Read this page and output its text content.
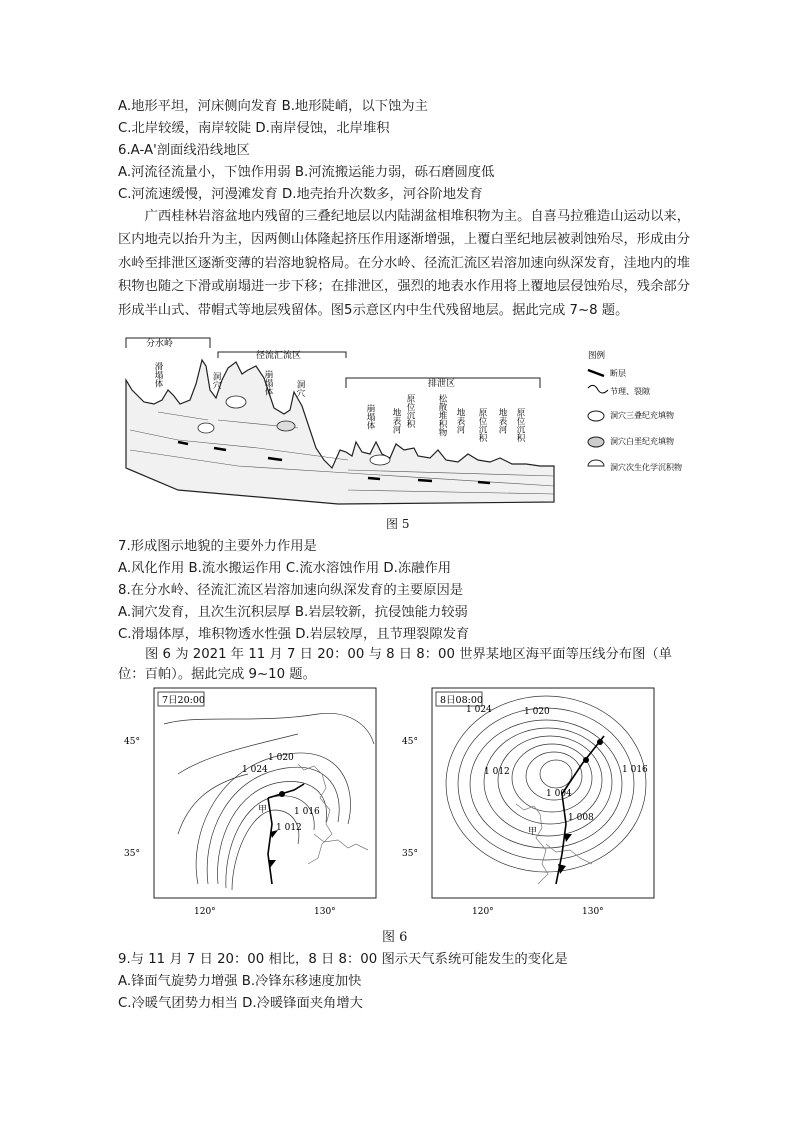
A.地形平坦，河床侧向发育 B.地形陡峭，以下蚀为主
C.北岸较缓，南岸较陡 D.南岸侵蚀，北岸堆积
6.A-A'剖面线沿线地区
A.河流径流量小，下蚀作用弱 B.河流搬运能力弱，砾石磨圆度低
C.河流速缓慢，河漫滩发育 D.地壳抬升次数多，河谷阶地发育
广西桂林岩溶盆地内残留的三叠纪地层以内陆湖盆相堆积物为主。自喜马拉雅造山运动以来，区内地壳以抬升为主，因两侧山体隆起挤压作用逐渐增强，上覆白垩纪地层被剥蚀殆尽，形成由分水岭至排泄区逐渐变薄的岩溶地貌格局。在分水岭、径流汇流区岩溶加速向纵深发育，洼地内的堆积物也随之下滑或崩塌进一步下移；在排泄区，强烈的地表水作用将上覆地层侵蚀殆尽，残余部分形成半山式、带帽式等地层残留体。图5示意区内中生代残留地层。据此完成 7~8 题。
分水岭
径流汇流区
排泄区
滑塌体	洞穴	崩塌体	洞穴
崩塌体 地表河 原位沉积	松散堆积物 地表河 原位沉积 地表河 原位沉积
图例
断层
节理、裂隙
洞穴三叠纪充填物
洞穴白垩纪充填物
洞穴次生化学沉积物
图 5
7.形成图示地貌的主要外力作用是
A.风化作用 B.流水搬运作用 C.流水溶蚀作用 D.冻融作用
8.在分水岭、径流汇流区岩溶加速向纵深发育的主要原因是
A.洞穴发育，且次生沉积层厚 B.岩层较新，抗侵蚀能力较弱
C.滑塌体厚，堆积物透水性强 D.岩层较厚，且节理裂隙发育
图 6 为 2021 年 11 月 7 日 20：00 与 8 日 8：00 世界某地区海平面等压线分布图（单
位：百帕）。据此完成 9~10 题。
7日20:00
1 024
1 020
1 012
1 016
甲
45°
35°
120°	130°
8日08:00
1 024	1 020
1 016
1 012
1 008
1 004
甲
45°
35°
120°	130°
图 6
9.与 11 月 7 日 20：00 相比，8 日 8：00 图示天气系统可能发生的变化是
A.锋面气旋势力增强 B.冷锋东移速度加快
C.冷暖气团势力相当 D.冷暖锋面夹角增大
